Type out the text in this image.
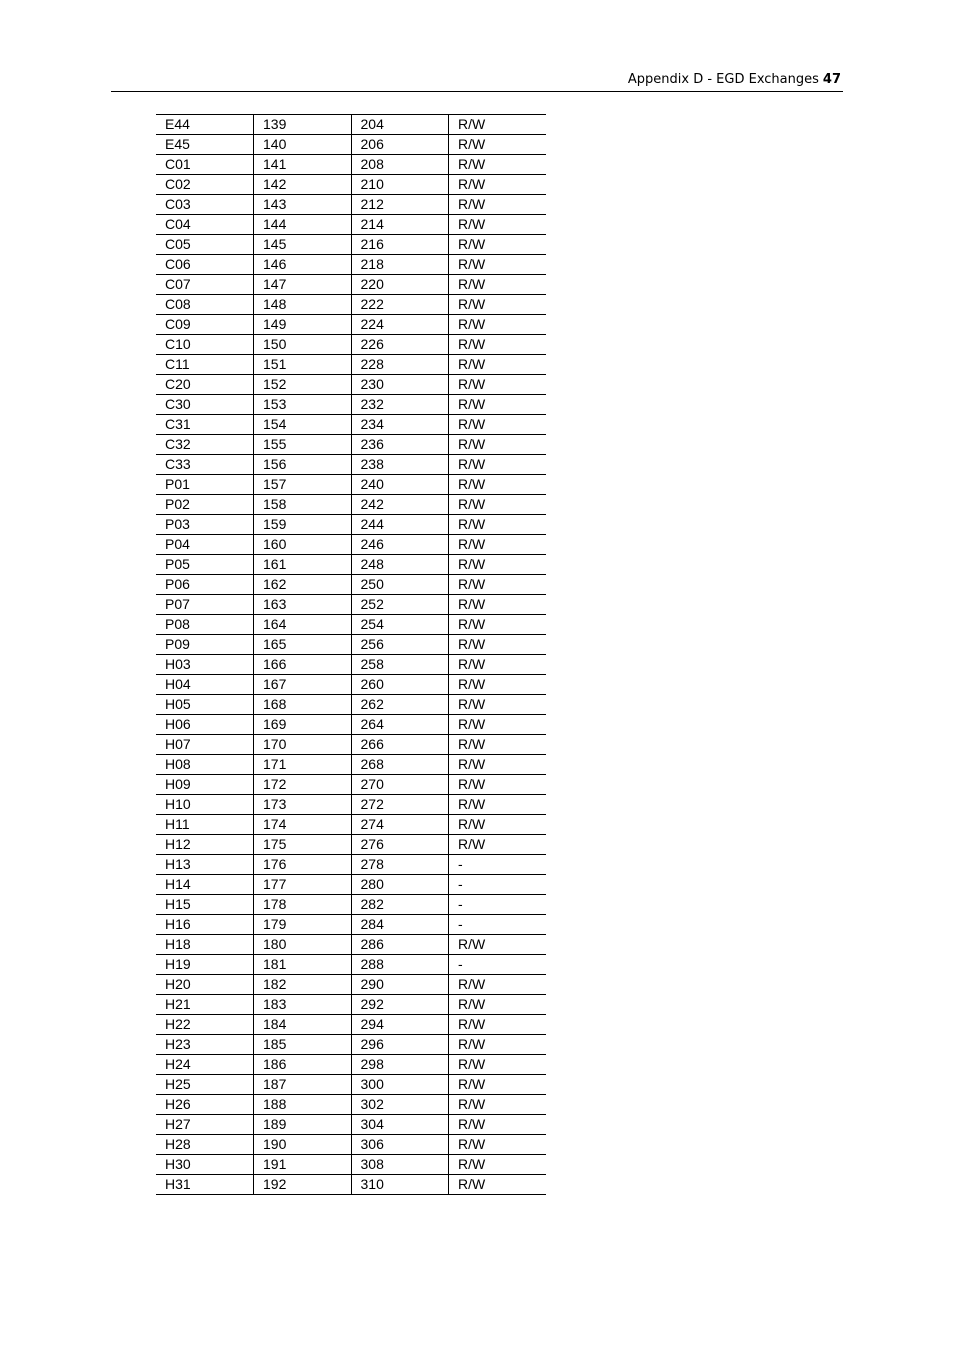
Appendix D - EGD Exchanges 47
E44	139	204	R/W
E45	140	206	R/W
C01	141	208	R/W
C02	142	210	R/W
C03	143	212	R/W
C04	144	214	R/W
C05	145	216	R/W
C06	146	218	R/W
C07	147	220	R/W
C08	148	222	R/W
C09	149	224	R/W
C10	150	226	R/W
C11	151	228	R/W
C20	152	230	R/W
C30	153	232	R/W
C31	154	234	R/W
C32	155	236	R/W
C33	156	238	R/W
P01	157	240	R/W
P02	158	242	R/W
P03	159	244	R/W
P04	160	246	R/W
P05	161	248	R/W
P06	162	250	R/W
P07	163	252	R/W
P08	164	254	R/W
P09	165	256	R/W
H03	166	258	R/W
H04	167	260	R/W
H05	168	262	R/W
H06	169	264	R/W
H07	170	266	R/W
H08	171	268	R/W
H09	172	270	R/W
H10	173	272	R/W
H11	174	274	R/W
H12	175	276	R/W
H13	176	278	-
H14	177	280	-
H15	178	282	-
H16	179	284	-
H18	180	286	R/W
H19	181	288	-
H20	182	290	R/W
H21	183	292	R/W
H22	184	294	R/W
H23	185	296	R/W
H24	186	298	R/W
H25	187	300	R/W
H26	188	302	R/W
H27	189	304	R/W
H28	190	306	R/W
H30	191	308	R/W
H31	192	310	R/W
